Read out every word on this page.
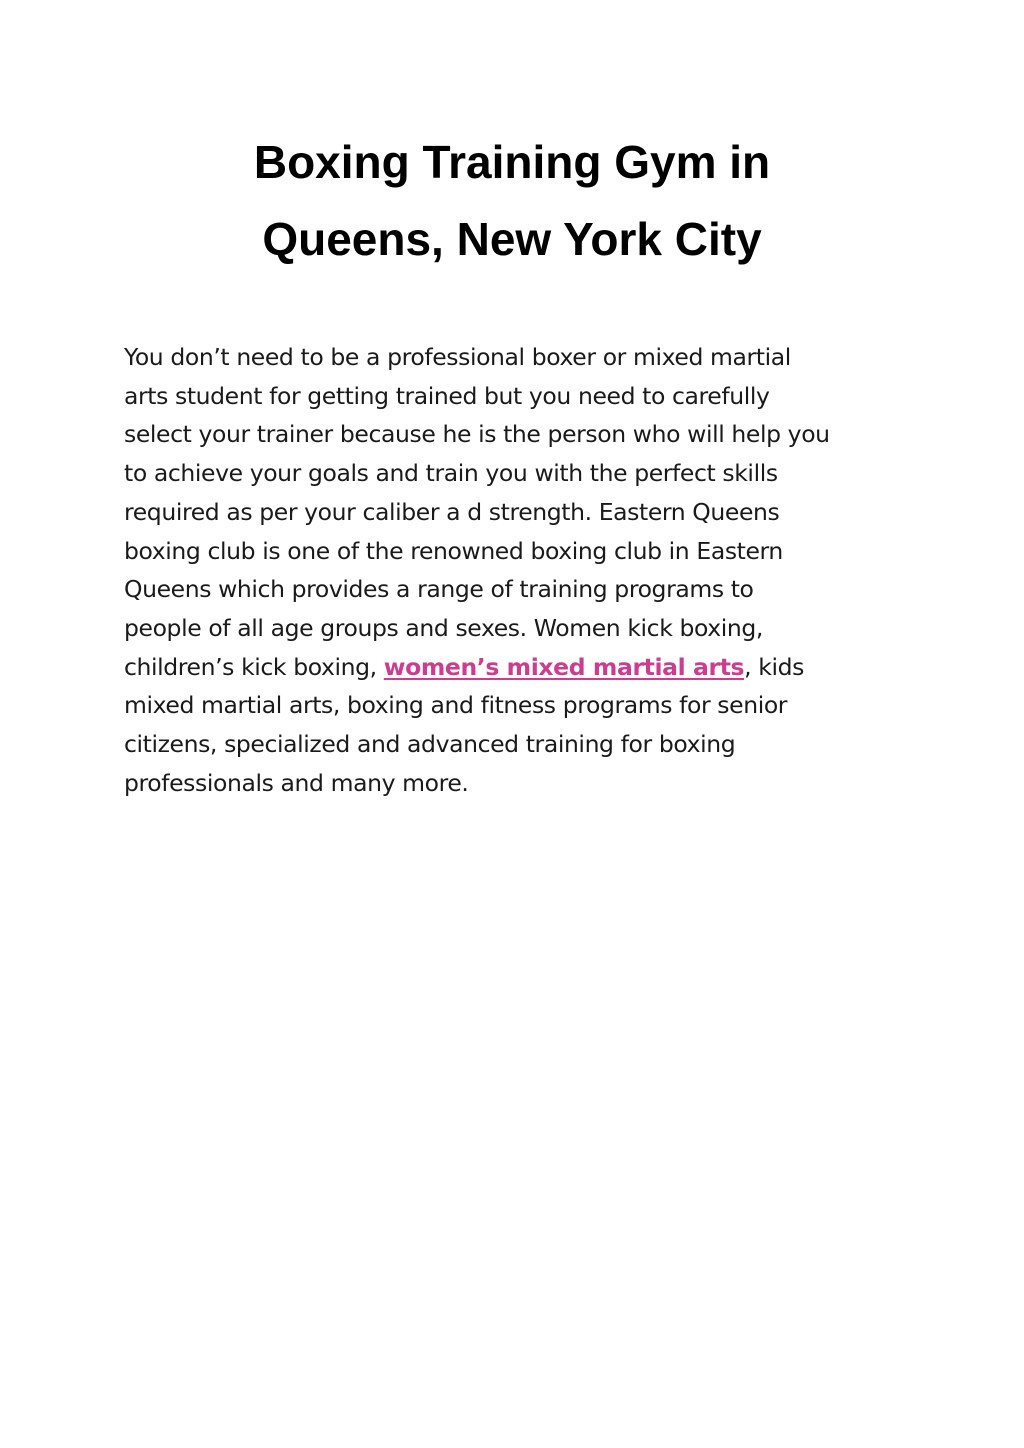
Boxing Training Gym in
Queens, New York City

You don’t need to be a professional boxer or mixed martial
arts student for getting trained but you need to carefully
select your trainer because he is the person who will help you
to achieve your goals and train you with the perfect skills
required as per your caliber a d strength. Eastern Queens
boxing club is one of the renowned boxing club in Eastern
Queens which provides a range of training programs to
people of all age groups and sexes. Women kick boxing,
children’s kick boxing, women’s mixed martial arts, kids
mixed martial arts, boxing and fitness programs for senior
citizens, specialized and advanced training for boxing
professionals and many more.
